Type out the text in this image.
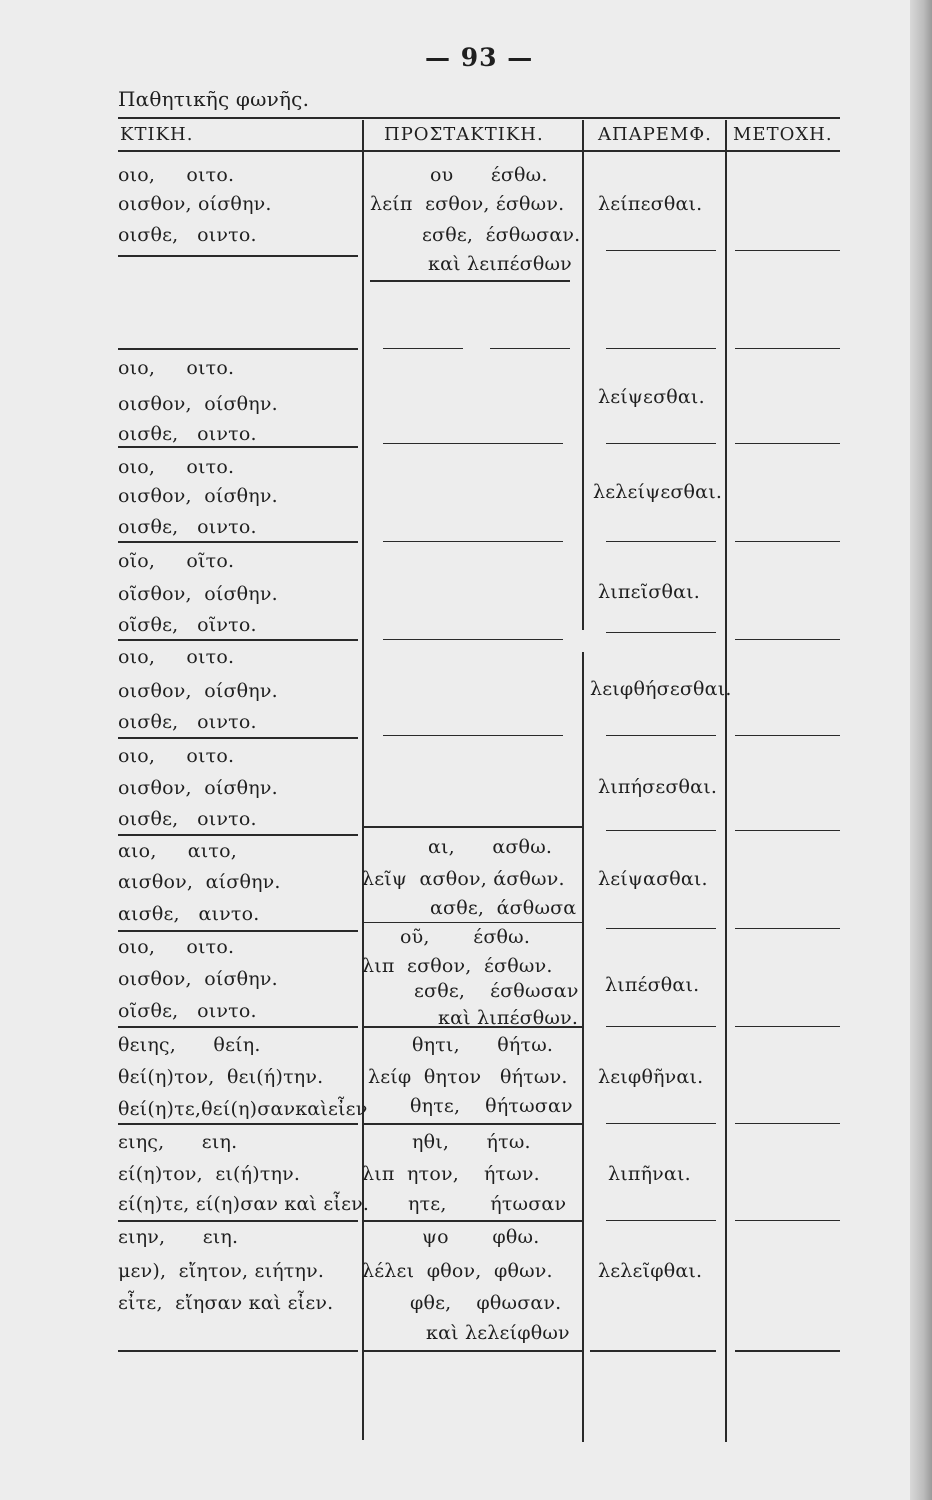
— 93 —
Παθητικῆς φωνῆς.
ΚΤΙΚΗ.	ΠΡΟΣΤΑΚΤΙΚΗ.	ΑΠΑΡΕΜΦ. ΜΕΤΟΧΗ.
οιο,     οιτο.
οισθον, οίσθην.
οισθε,   οιντο.
οιο,     οιτο.
οισθον,  οίσθην.
οισθε,   οιντο.
οιο,     οιτο.
οισθον,  οίσθην.
οισθε,   οιντο.
οῖο,     οῖτο.
οῖσθον,  οίσθην.
οῖσθε,   οῖντο.
οιο,     οιτο.
οισθον,  οίσθην.
οισθε,   οιντο.
οιο,     οιτο.
οισθον,  οίσθην.
οισθε,   οιντο.
αιο,     αιτο,
αισθον,  αίσθην.
αισθε,   αιντο.
οιο,     οιτο.
οισθον,  οίσθην.
οῖσθε,   οιντο.
θειης,      θείη.
θεί(η)τον,  θει(ή)την.
θεί(η)τε,θεί(η)σανκαὶεἶεν
ειης,      ειη.
εί(η)τον,  ει(ή)την.
εί(η)τε, εί(η)σαν καὶ εἶεν.
ειην,      ειη.
μεν),  εἴητον, ειήτην.
εἶτε,  εἴησαν καὶ εἶεν.
ου      έσθω.
λείπ  εσθον, έσθων.
εσθε,  έσθωσαν.
καὶ λειπέσθων
αι,      ασθω.
λεῖψ  ασθον, άσθων.
ασθε,  άσθωσα
οῦ,       έσθω.
λιπ  εσθον,  έσθων.
εσθε,    έσθωσαν
καὶ λιπέσθων.
θητι,      θήτω.
λείφ  θητον   θήτων.
θητε,    θήτωσαν
ηθι,      ήτω.
λιπ  ητον,    ήτων.
ητε,       ήτωσαν
ψο       φθω.
λέλει  φθον,  φθων.
φθε,    φθωσαν.
καὶ λελείφθων
λείπεσθαι.
λείψεσθαι.
λελείψεσθαι.
λιπεῖσθαι.
λειφθήσεσθαι.
λιπήσεσθαι.
λείψασθαι.
λιπέσθαι.
λειφθῆναι.
λιπῆναι.
λελεῖφθαι.
